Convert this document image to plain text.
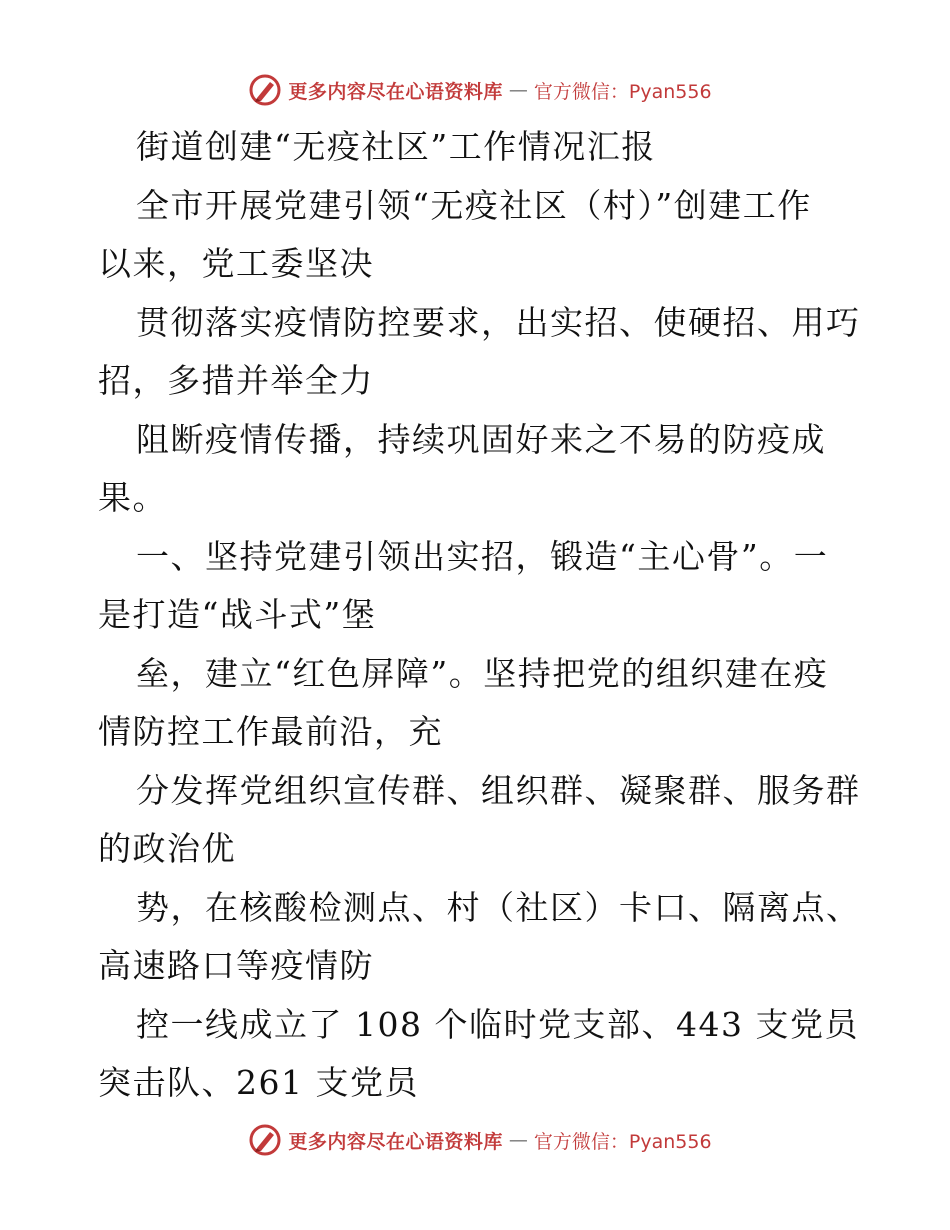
更多内容尽在心语资料库 — 官方微信：Pyan556
街道创建“无疫社区”工作情况汇报
全市开展党建引领“无疫社区（村）”创建工作
以来，党工委坚决
贯彻落实疫情防控要求，出实招、使硬招、用巧
招，多措并举全力
阻断疫情传播，持续巩固好来之不易的防疫成
果。
一、坚持党建引领出实招，锻造“主心骨”。一
是打造“战斗式”堡
垒，建立“红色屏障”。坚持把党的组织建在疫
情防控工作最前沿，充
分发挥党组织宣传群、组织群、凝聚群、服务群
的政治优
势，在核酸检测点、村（社区）卡口、隔离点、
高速路口等疫情防
控一线成立了 108 个临时党支部、443 支党员
突击队、261 支党员
更多内容尽在心语资料库 — 官方微信：Pyan556
